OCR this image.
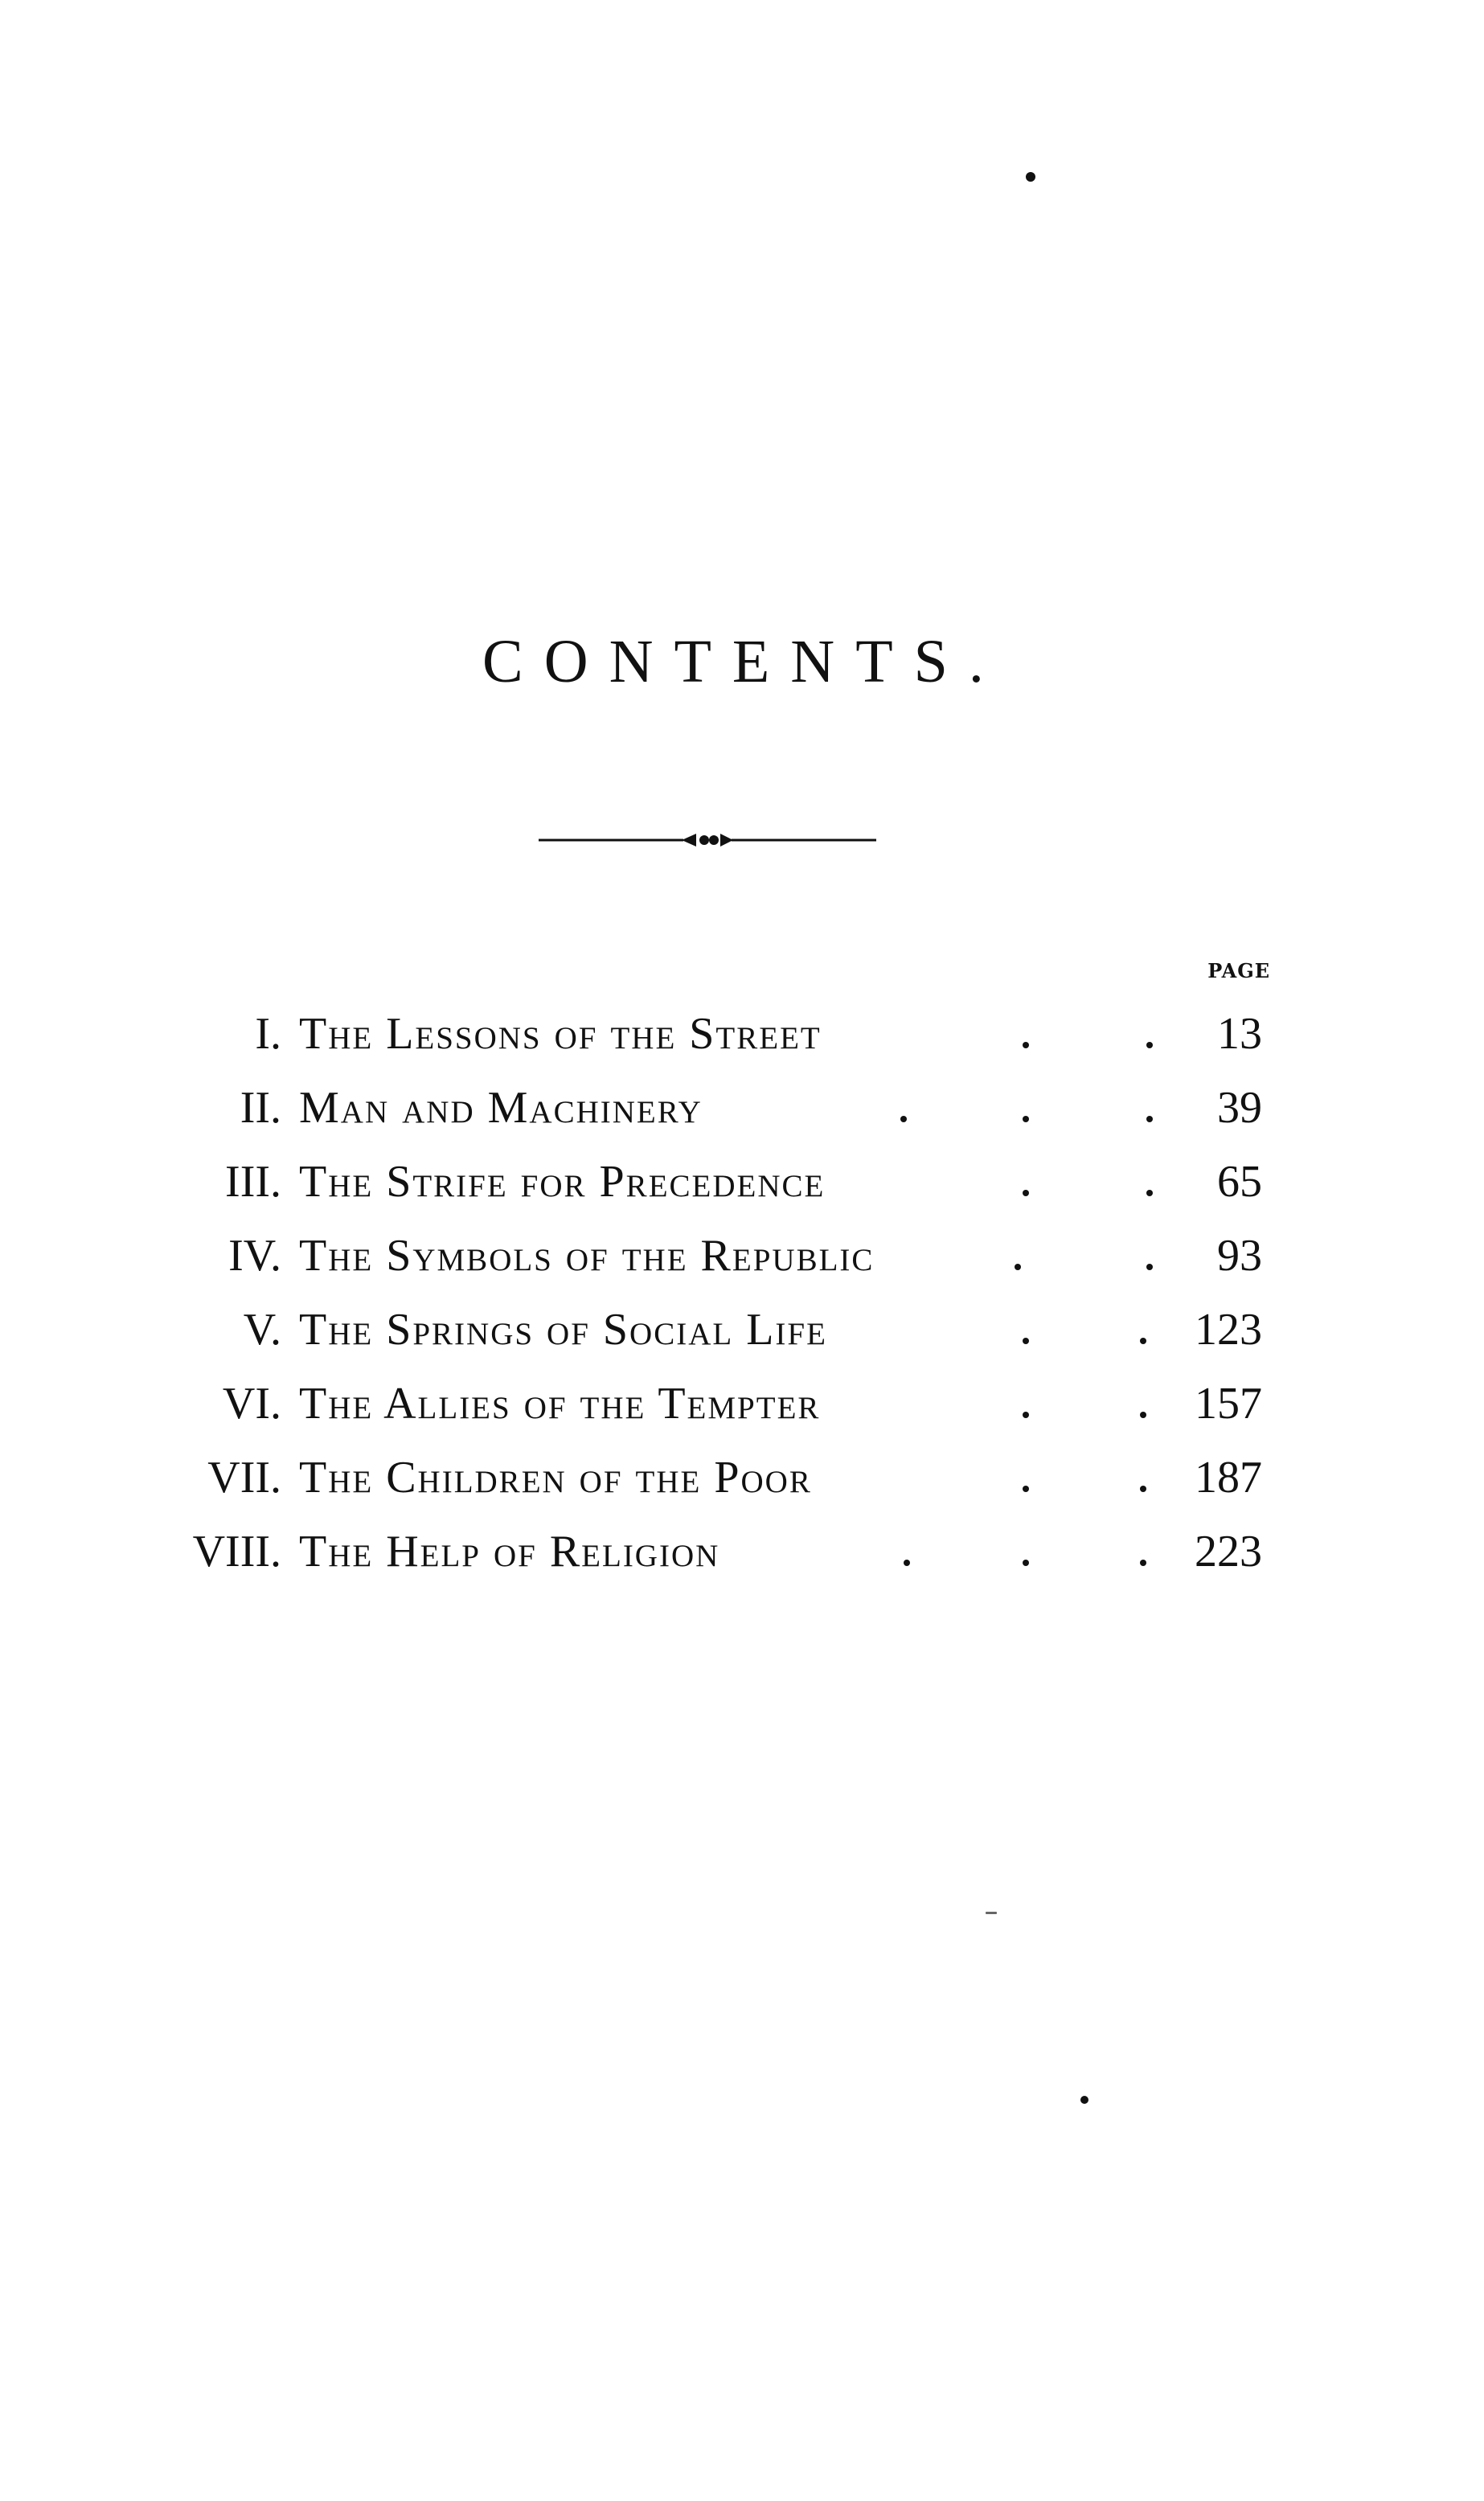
CONTENTS.
PAGE
I. The Lessons of the Street	13
II. Man and Machinery	39
III. The Strife for Precedence	65
IV. The Symbols of the Republic	93
V. The Springs of Social Life	123
VI. The Allies of the Tempter	157
VII. The Children of the Poor	187
VIII. The Help of Religion	223
